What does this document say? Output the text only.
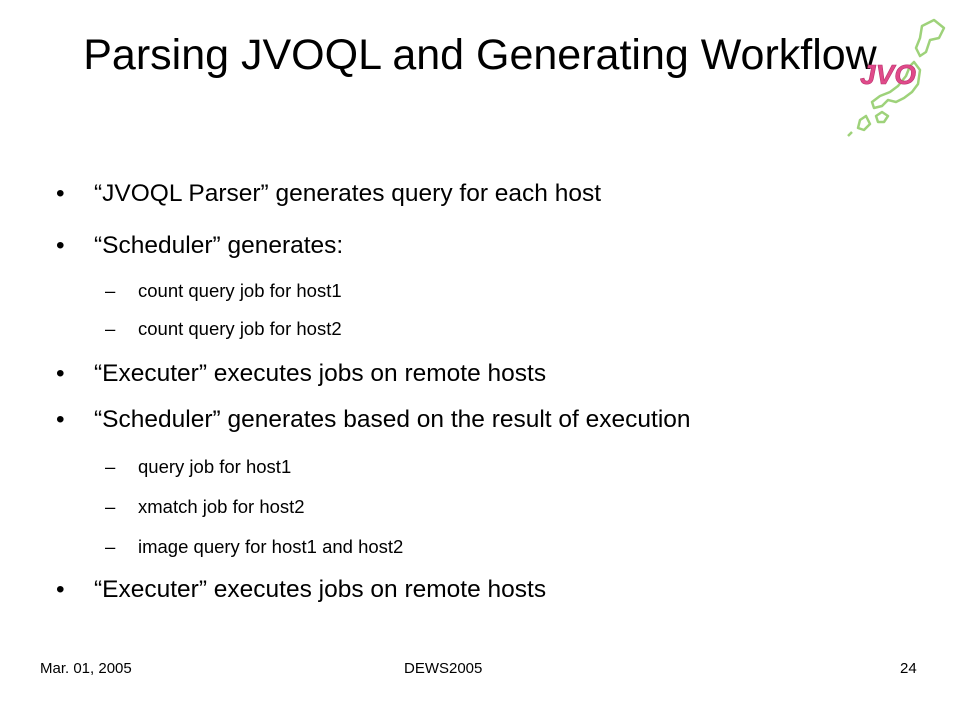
Parsing JVOQL and Generating Workflow
JVO
•	“JVOQL Parser” generates query for each host
•	“Scheduler” generates:
– count query job for host1
– count query job for host2
•	“Executer” executes jobs on remote hosts
•	“Scheduler” generates based on the result of execution
– query job for host1
– xmatch job for host2
– image query for host1 and host2
•	“Executer” executes jobs on remote hosts
Mar. 01, 2005	DEWS2005	24
